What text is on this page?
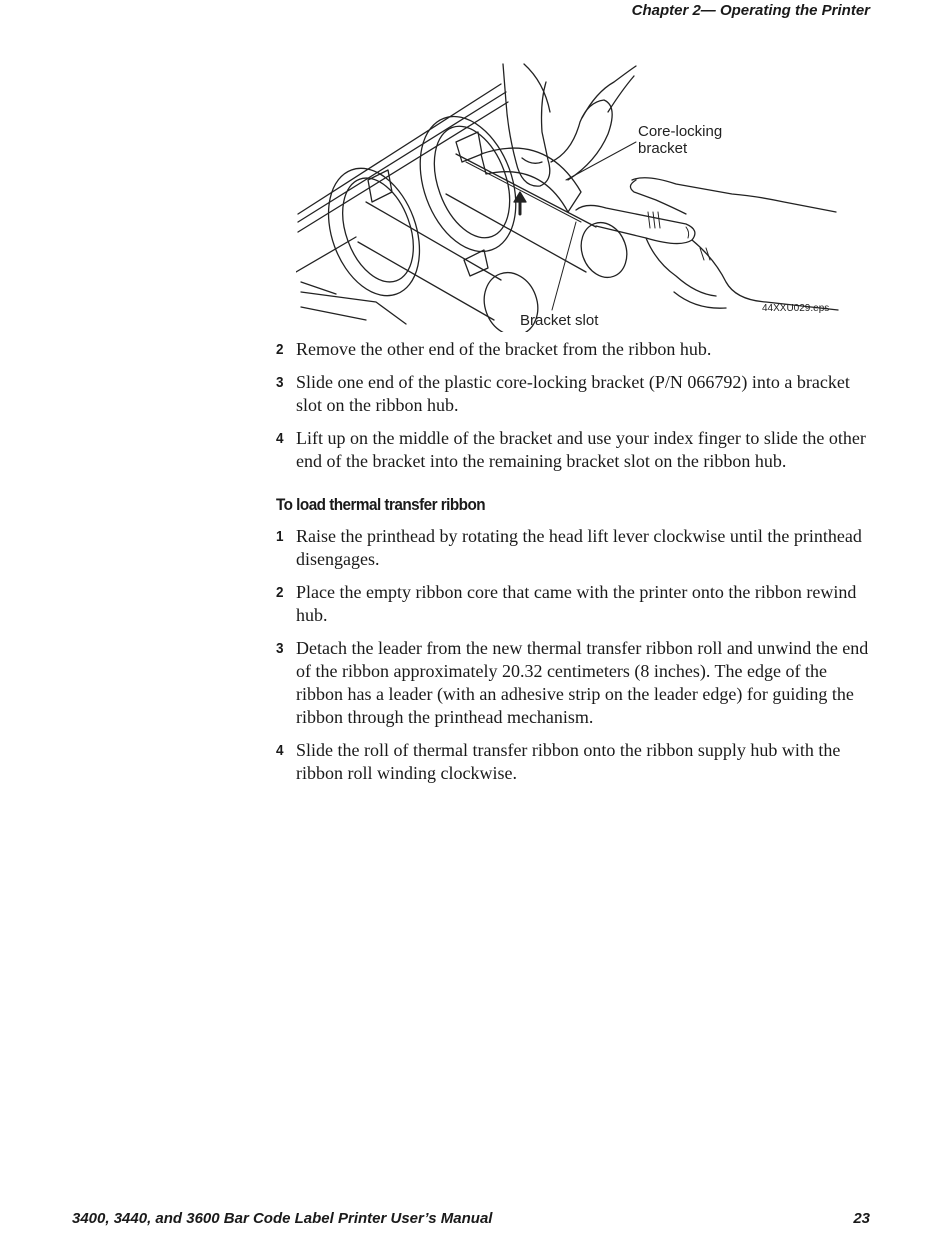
Chapter 2— Operating the Printer
Core-locking
bracket
Bracket slot
44XXU029.eps
2 Remove the other end of the bracket from the ribbon hub.
3 Slide one end of the plastic core-locking bracket (P/N 066792) into a bracket slot on the ribbon hub.
4 Lift up on the middle of the bracket and use your index finger to slide the other end of the bracket into the remaining bracket slot on the ribbon hub.
To load thermal transfer ribbon
1 Raise the printhead by rotating the head lift lever clockwise until the printhead disengages.
2 Place the empty ribbon core that came with the printer onto the ribbon rewind hub.
3 Detach the leader from the new thermal transfer ribbon roll and unwind the end of the ribbon approximately 20.32 centimeters (8 inches). The edge of the ribbon has a leader (with an adhesive strip on the leader edge) for guiding the ribbon through the printhead mechanism.
4 Slide the roll of thermal transfer ribbon onto the ribbon supply hub with the ribbon roll winding clockwise.
3400, 3440, and 3600 Bar Code Label Printer User’s Manual	23
